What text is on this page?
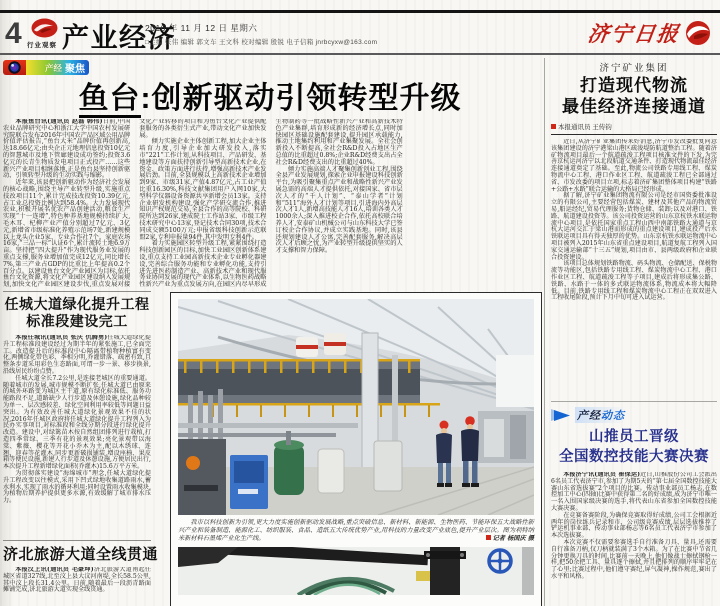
4 行业观察 产业经济
2016 年 11 月 12 日 星期六
□主编 张伟 编辑 郭文车 王文科 校对编辑 殷锐 电子信箱 jnrbcyxw@163.com	济宁日报
产经 聚焦
鱼台:创新驱动引领转型升级

本报鱼台讯(通讯员 赵磊 韩伟)日前,中国农业品牌研究中心和浙江大学中国农村发展研究院联合发布2016年中国农产品区域公用品牌价值评估报告,“鱼台大米”品牌价值再创新高,达18.66亿元;由央企正元地理信息投资10亿元的智慧城市及地下管廊建设成功签约;投资3.6亿元的长青生物质发电项目正式投产……这些新兴产业项目相继落地,正是鱼台县坚持创新驱动、引领转型升级的生动实践与缩影。

近年来,该县把创新驱动作为经济社会发展的核心战略,围绕主导产业转型升级,实施重点技改项目11个,累计完成技改投资10.39亿元,占工业总投资比例达到58.4%。大力发展现代农业,积极开展名优农产品创建活动,粮食生产实现“十一连增”,特色种养基地规模持续扩大,毛木耳、杞柳产业产值分别超过7亿元、3亿元,新增省市级标准化养殖示范场7处,新建规模以上龙头企业5家、专业合作社7个、家庭农场16家,“三品一标”认证6个,累计流转土地6.9万亩。坚持把“四大提升”作为现代服务业发展的重点支撑,服务业增加值完成12亿元,同比增长7%,第三产业占GDP的比重比上年提高0.2个百分点。以建设鱼台文化产业园区为目标,依托鱼台文化资源,将文化产业园区建设纳入发展规划,加快文化产业园区建设步伐,重点发展对接文化产业转移的项目和为鱼台文化产业提供配套服务的各类衍生式产业,带动文化产业加快发展。

倾力实施企业主体创新工程,加大企业主体培育力度,引导企业加大研发投入,落实市“221”工作计划,从科技项目、产品研发、基地建设等方面扶持创新引导型高新技术企业,在资金、政策方面进行扶持,增强高新技术产业发展后劲。目前,全县规模以上高新技术企业增加到9家、市级31家,产值4.87亿元,占工业产值比重16.30%,科技文献集团用户入网10家,大型科学仪器设备资源共享新增会员13家。支持企业研发机构建设,强化产学研交流合作,推进知识产权规范交易,全县合作的高等院校、科研院所达到26家,建成院士工作站3家、市级工程技术研究中心13家,登记技术合同30项,技术合同成交额5100万元;申报省级科技创新示范联盟2家,专利申报量94件,其中发明专利4件。

着力实施园区转型升级工程,紧紧围绕打造科技创新园区的目标,加快工业园区创新体系建设,重点支持工业园高新技术企业专业孵化器建设,完善综合服务功能和专业孵化功能,支持引进先进医药制造产业、高新技术产业和现代服务业协同发展的现代产业体系,以生物医药战略性新兴产业为重点发展方向,在园区内尽早形成生物制药等一批战略性新兴产业和高新技术特色产业集群,培育形成新的经济增长点,同时加快园区基础设施配套建设,提升园区承载能力,推动土地集约利用和产业集聚发展。全社会创新投入不断提高,全社会R&D投入占地区生产总值的比重超过0.8%;企业R&D经费支出占全社会R&D经费支出的比重超过40%。

倾力实施高端人才聚集创新创业工程,围绕全县产业发展规划,探索企业申报建设科技创新平台,为吸引聚集重点产业和战略性新兴产业发展急需的高端人才提供依托,对接国家、省市层次人才的“千人计划”、“泰山学者”计划和“511”海外人才计划等项目,引进海内外高层次人才1人,新增高技能人才16人,培训各类人才1000余人;深入推进校企合作,依托高校联合培养人才,安泰矿山机械公司与山东科技大学已签订校企合作协议,并成立实践基地。同时,该县还规划建设人才公寓,完善配套服务,解决高层次人才后顾之忧,为产业转型升级提供坚实的人才支撑和智力保障。

我市以科技创新为引领,更大力度实施创新驱动发展战略,重点突破信息、新材料、新能源、生物医药、节能环保五大战略性新兴产业和装备制造、能源化工、纺织服装、食品、造纸五大传统优势产业,用科技的力量改变产业底色,提升产业层次。图为利特纳米新材料石墨烯产业化生产线。	记者 杨国庆 摄
任城大道绿化提升工程
标准段建设完工

本报任城讯(通讯员 张庆 仇腾勇)任城大道绿化提升工程标准段建设经过为期半年的紧张施工,已全面完工。改造提升后的标准段中心隔离带植物种植富有变化,两侧绿化带色彩、季相分明,乔灌错落、疏密有致,且整条步道采用彩色生态路面,可谓一步一景、移步换景,沿线居民纷纷点赞。

任城大道全长7.2公里,是连接老城区的重要通道。随着城市的发展,城市规模不断扩张,任城大道已由原来的城外环路变为城区主干道,原有绿化标准低、服务功能路段不足,道路缺少人行步道及休憩设施,绿化品种较为单一、层次感较差、绿化空间利用率较低等问题日益突出。为有效改善任城大道绿化景观效果不佳的状况,2016年任城区政府将任城大道绿化提升工程列入为民办实事项目,对标准段和全线分期分段进行绿化提升改造。建设中,对绿篱苗木按自然组团排列进行栽植,打造四季常绿、三季有花的景观效果;亮化景观带以海棠、紫薇、樱花等开花小乔木为主,配以木绣球、连翘、迎春等花灌木,同步更新破损铺装,增设座椅、果皮箱等便民设施,新建人行步道及休憩设施,方便居民出行,本次提升工程新增绿化面积(乔灌木)15.6万平方米。

为贯彻落实建设“海绵城市”理念,任城大道绿化提升工程改变以往模式,采用下凹式绿地收集道路雨水,蓄水利水,实现了雨水的循环利用;同时设置雨水收集模块,为植物后期养护提供更多水源,有效缓解了城市排水压力。

济北旅游大道全线贯通

本报汶上讯(通讯员 毛豪坤)济北旅游大道南起任城区省道327线,北至汶上县大汶河南堤,全长58.5公里,其中汶上段长31.4公里。日前,随着最后一段沥青路面摊铺完成,济北旅游大道实现全线贯通。

济宁矿业集团
打造现代物流
最佳经济连接通道
本报通讯员 王传钧

近日,从济宁矿业集团传来好消息,济宁市发改委批复同意该集团建设的济宁港梁山港区疏浚堤防航道整治工程。随着济矿物流项目最后一个航道疏浚工程项目核准文件的下发,为完善京杭运河济宁以北段航道交通条件、打造现代物流最佳经济连接通道奠定了基础。至此,物流公司铁路专用线工程、煤炭物流中心工程、港口作业区工程、航道疏浚工程已全部通过省、市发改委的项目立项,标志着济矿集团整体项目构建“铁路+公路+水路”联合运输的大格局已经形成。

据了解,济宁矿业集团物流有限公司是经市国资委批准设立的有限公司,主要经营包括煤炭、建材及其他产品的物流贸易,船运经纪,贸易代理服务;货物仓储、装卸;以及对港口、铁路、航道建设投资等。该公司投资运营的山东京杭铁水联运物流中心项目,是依托国家重点工程山西中南部铁路大通道与京杭大运河交汇于梁山港而形成的重点建设项目,建成投产后水铁联运项目具有得天独厚的优势。山东京杭铁水联运物流中心项目被列入2015年山东省重点建设项目,航道复航工程列入国家交通运输部“十三五”规划,项目由市、县两级政府和企业联合投资建设。

该项目总体规划铁路物流、码头物流、仓储配送、保税物流等功能区,包括铁路专用线工程、煤炭物流中心工程、港口作业区工程、航道疏浚工程等子项目,建成后将形成集公路、铁路、水路于一体的多式联运物流体系,物流成本将大幅降低。目前,铁路专用线工程和煤炭物流中心工程正在双双进入工程收尾阶段,预计下月中旬可进入试运营。

产经动态
山推员工晋级
全国数控技能大赛决赛

本报济宁讯(通讯员 崔保运)近日,山推股份公司工会派出6名员工代表济宁市,参加了为期5天的“第七届全国数控技能大赛山东省选拔赛”2个项目的比赛。传动事业部员工杨志,在数控加工中心(四轴)比赛中获得第二名的好成绩,成为济宁市唯一一名入围国家级决赛的选手,将代表山东省参加全国数控技能大赛决赛。

在竞赛备赛阶段,为确保竞赛取得好成绩,公司工会根据近两年的岗位练兵记录和市、公司级竞赛成绩,层层选拔推荐了铲运机事业部、传动事业部杨志等6名员工代表济宁市参加了本次选拔赛。

本次竞赛不仅需要参赛选手自行准备刀具、量具,还需要自行准备刀柄,仅刀柄就装满了3个木箱。为了在比赛中节省几分钟更换刀具的时间,比赛前一天晚上,他们像战士擦拭钢枪一样,把50余把工具、量具逐个擦拭,并且把排列的顺序牢牢记在了心里;比赛过程中,他们遵守赛纪,屏气凝神,操作规范,赛出了水平和风格。
